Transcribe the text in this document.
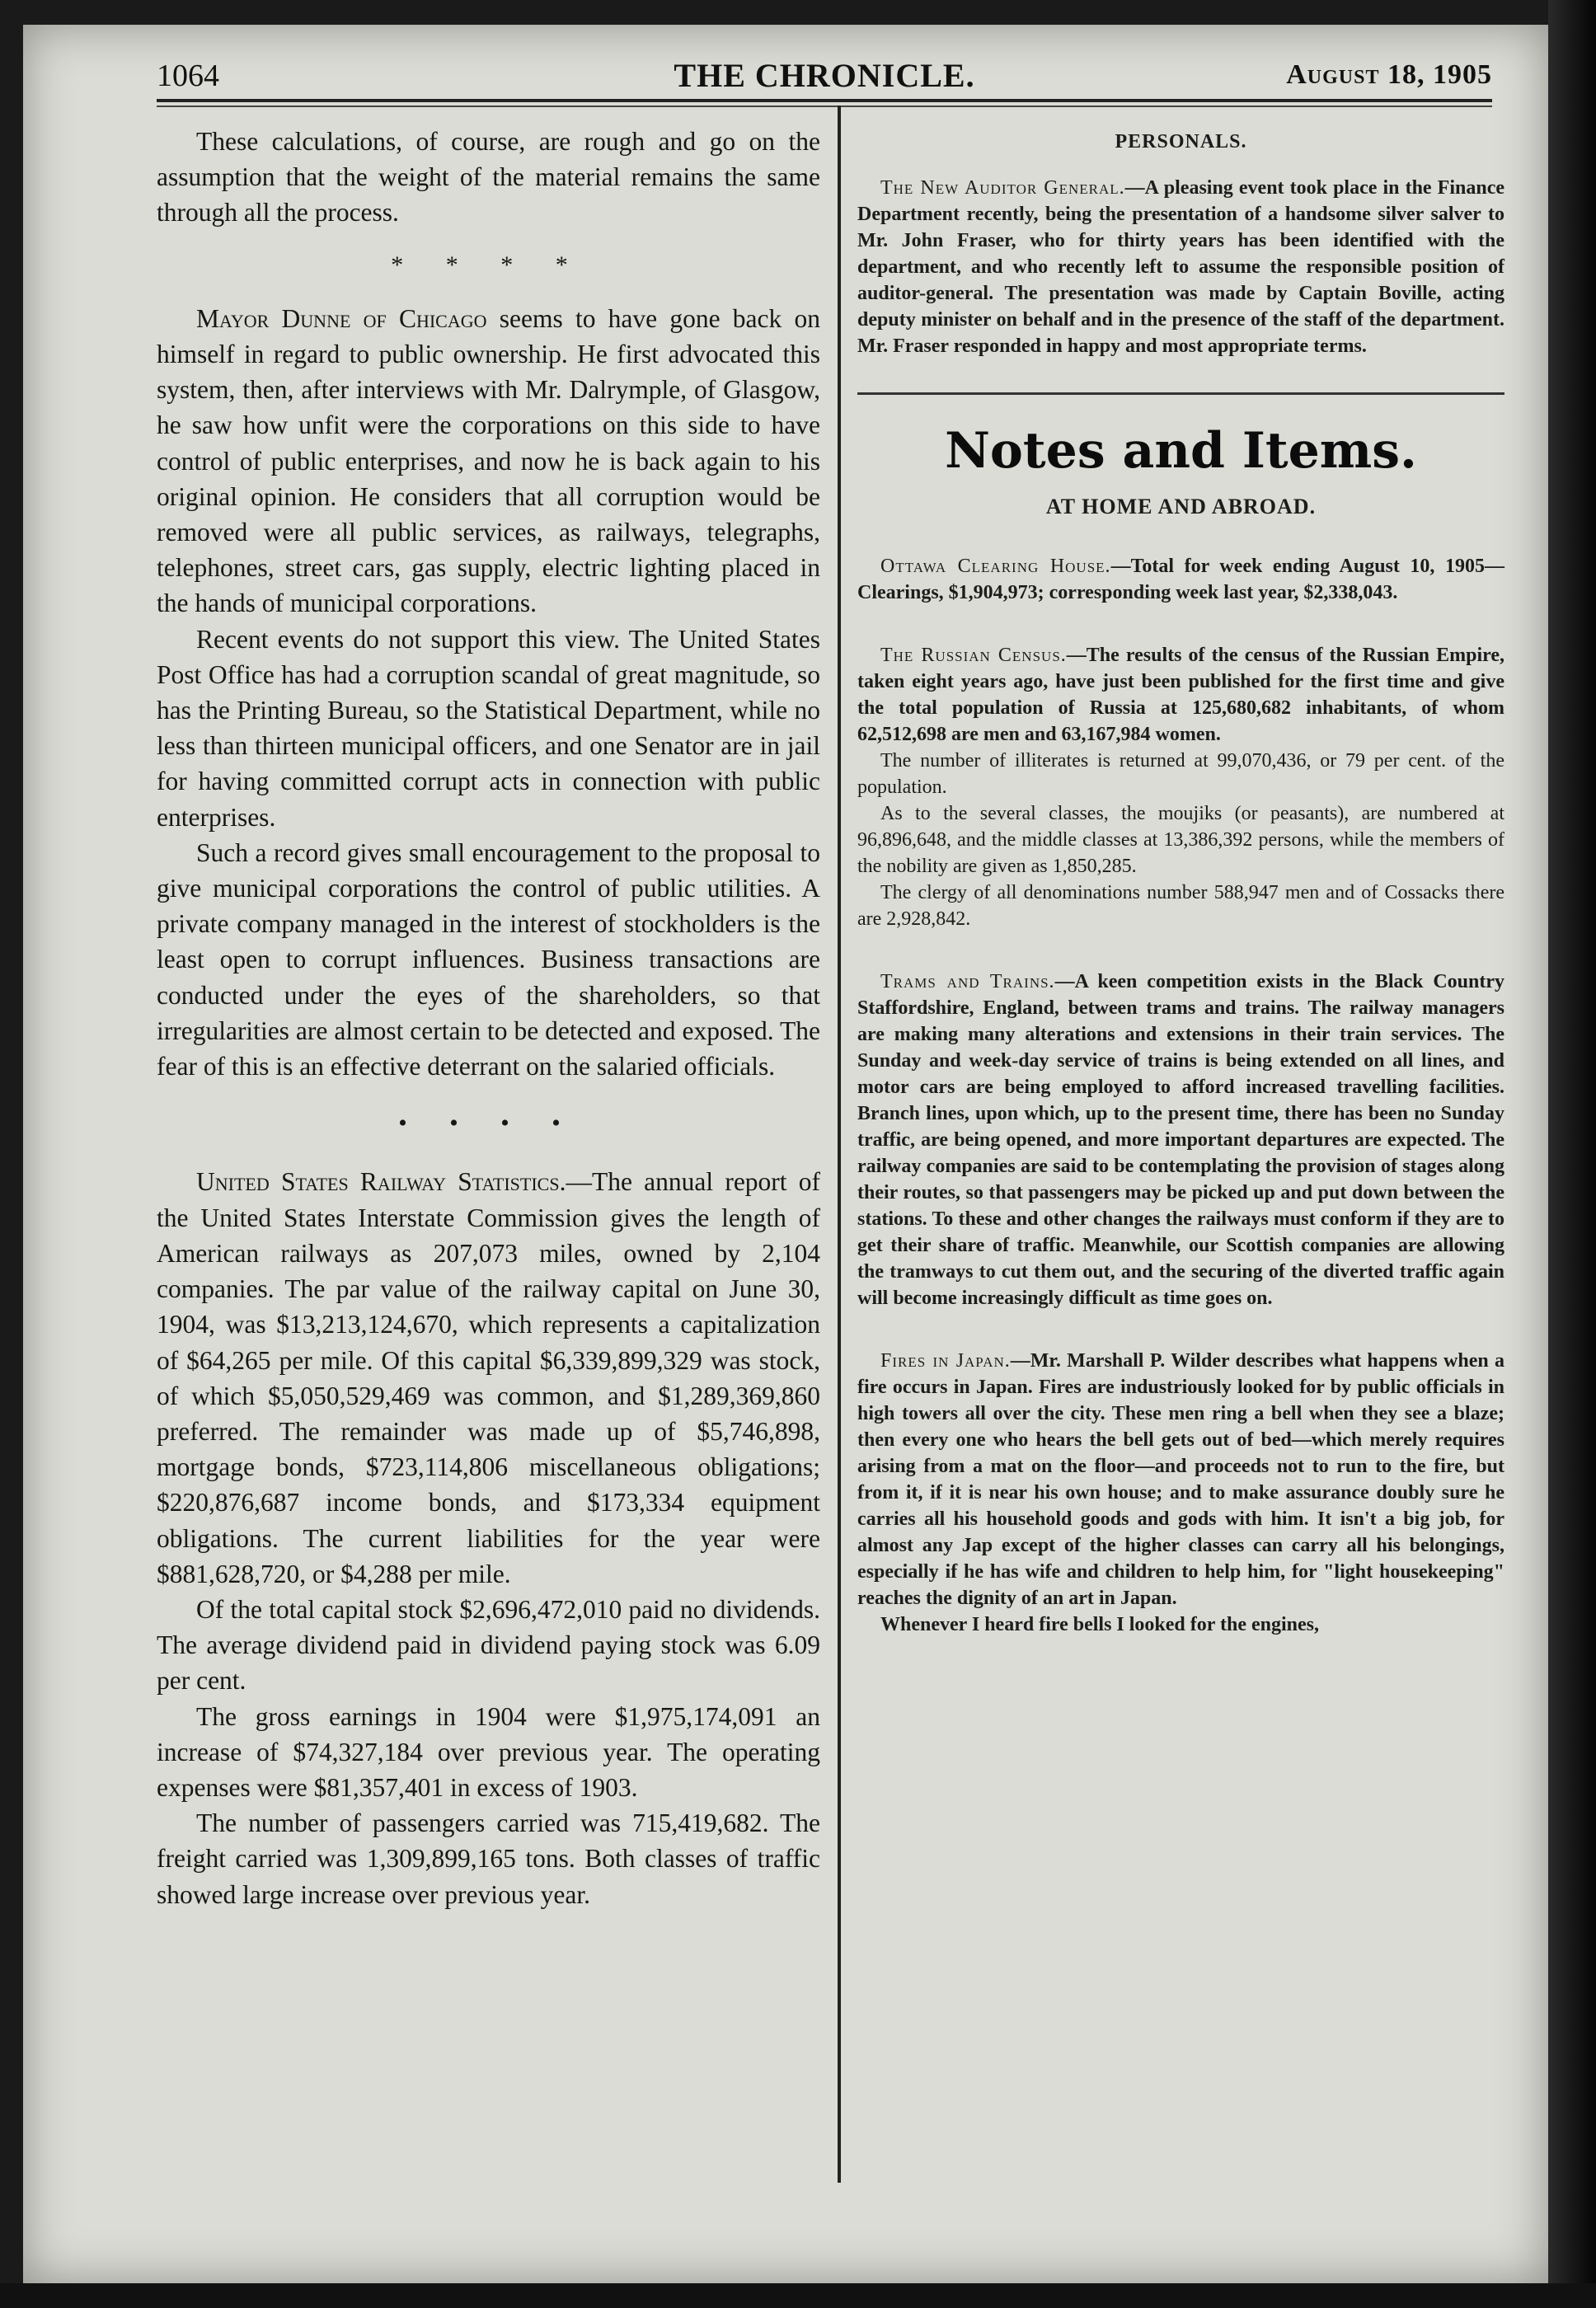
1064	THE CHRONICLE.	August 18, 1905

These calculations, of course, are rough and go on the assumption that the weight of the material remains the same through all the process.

* * * *

Mayor Dunne of Chicago seems to have gone back on himself in regard to public ownership. He first advocated this system, then, after interviews with Mr. Dalrymple, of Glasgow, he saw how unfit were the corporations on this side to have control of public enterprises, and now he is back again to his original opinion. He considers that all corruption would be removed were all public services, as railways, telegraphs, telephones, street cars, gas supply, electric lighting placed in the hands of municipal corporations.

Recent events do not support this view. The United States Post Office has had a corruption scandal of great magnitude, so has the Printing Bureau, so the Statistical Department, while no less than thirteen municipal officers, and one Senator are in jail for having committed corrupt acts in connection with public enterprises.

Such a record gives small encouragement to the proposal to give municipal corporations the control of public utilities. A private company managed in the interest of stockholders is the least open to corrupt influences. Business transactions are conducted under the eyes of the shareholders, so that irregularities are almost certain to be detected and exposed. The fear of this is an effective deterrant on the salaried officials.

• • • •

United States Railway Statistics.—The annual report of the United States Interstate Commission gives the length of American railways as 207,073 miles, owned by 2,104 companies. The par value of the railway capital on June 30, 1904, was $13,213,124,670, which represents a capitalization of $64,265 per mile. Of this capital $6,339,899,329 was stock, of which $5,050,529,469 was common, and $1,289,369,860 preferred. The remainder was made up of $5,746,898, mortgage bonds, $723,114,806 miscellaneous obligations; $220,876,687 income bonds, and $173,334 equipment obligations. The current liabilities for the year were $881,628,720, or $4,288 per mile.

Of the total capital stock $2,696,472,010 paid no dividends. The average dividend paid in dividend paying stock was 6.09 per cent.

The gross earnings in 1904 were $1,975,174,091 an increase of $74,327,184 over previous year. The operating expenses were $81,357,401 in excess of 1903.

The number of passengers carried was 715,419,682. The freight carried was 1,309,899,165 tons. Both classes of traffic showed large increase over previous year.

PERSONALS.

The New Auditor General.—A pleasing event took place in the Finance Department recently, being the presentation of a handsome silver salver to Mr. John Fraser, who for thirty years has been identified with the department, and who recently left to assume the responsible position of auditor-general. The presentation was made by Captain Boville, acting deputy minister on behalf and in the presence of the staff of the department. Mr. Fraser responded in happy and most appropriate terms.

Notes and Items.
AT HOME AND ABROAD.

Ottawa Clearing House.—Total for week ending August 10, 1905—Clearings, $1,904,973; corresponding week last year, $2,338,043.

The Russian Census.—The results of the census of the Russian Empire, taken eight years ago, have just been published for the first time and give the total population of Russia at 125,680,682 inhabitants, of whom 62,512,698 are men and 63,167,984 women.

The number of illiterates is returned at 99,070,436, or 79 per cent. of the population.

As to the several classes, the moujiks (or peasants), are numbered at 96,896,648, and the middle classes at 13,386,392 persons, while the members of the nobility are given as 1,850,285.

The clergy of all denominations number 588,947 men and of Cossacks there are 2,928,842.

Trams and Trains.—A keen competition exists in the Black Country Staffordshire, England, between trams and trains. The railway managers are making many alterations and extensions in their train services. The Sunday and week-day service of trains is being extended on all lines, and motor cars are being employed to afford increased travelling facilities. Branch lines, upon which, up to the present time, there has been no Sunday traffic, are being opened, and more important departures are expected. The railway companies are said to be contemplating the provision of stages along their routes, so that passengers may be picked up and put down between the stations. To these and other changes the railways must conform if they are to get their share of traffic. Meanwhile, our Scottish companies are allowing the tramways to cut them out, and the securing of the diverted traffic again will become increasingly difficult as time goes on.

Fires in Japan.—Mr. Marshall P. Wilder describes what happens when a fire occurs in Japan. Fires are industriously looked for by public officials in high towers all over the city. These men ring a bell when they see a blaze; then every one who hears the bell gets out of bed—which merely requires arising from a mat on the floor—and proceeds not to run to the fire, but from it, if it is near his own house; and to make assurance doubly sure he carries all his household goods and gods with him. It isn't a big job, for almost any Jap except of the higher classes can carry all his belongings, especially if he has wife and children to help him, for "light housekeeping" reaches the dignity of an art in Japan.

Whenever I heard fire bells I looked for the engines,
